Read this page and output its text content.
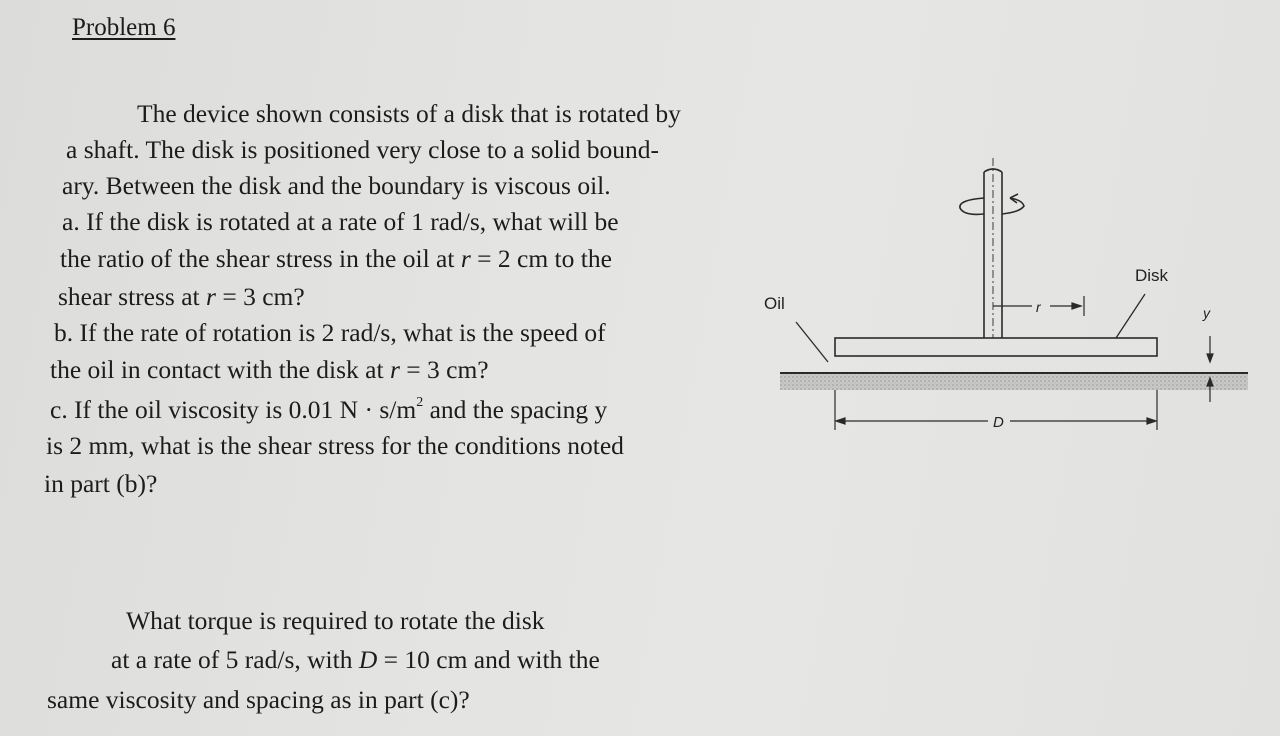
Problem 6
The device shown consists of a disk that is rotated by
a shaft. The disk is positioned very close to a solid bound-
ary. Between the disk and the boundary is viscous oil.
a. If the disk is rotated at a rate of 1 rad/s, what will be
the ratio of the shear stress in the oil at r = 2 cm to the
shear stress at r = 3 cm?
b. If the rate of rotation is 2 rad/s, what is the speed of
the oil in contact with the disk at r = 3 cm?
c. If the oil viscosity is 0.01 $N \cdot s/m^2$ and the spacing y
is 2 mm, what is the shear stress for the conditions noted
in part (b)?
What torque is required to rotate the disk
at a rate of 5 rad/s, with D = 10 cm and with the
same viscosity and spacing as in part (c)?
Oil
Disk
r	y
D
